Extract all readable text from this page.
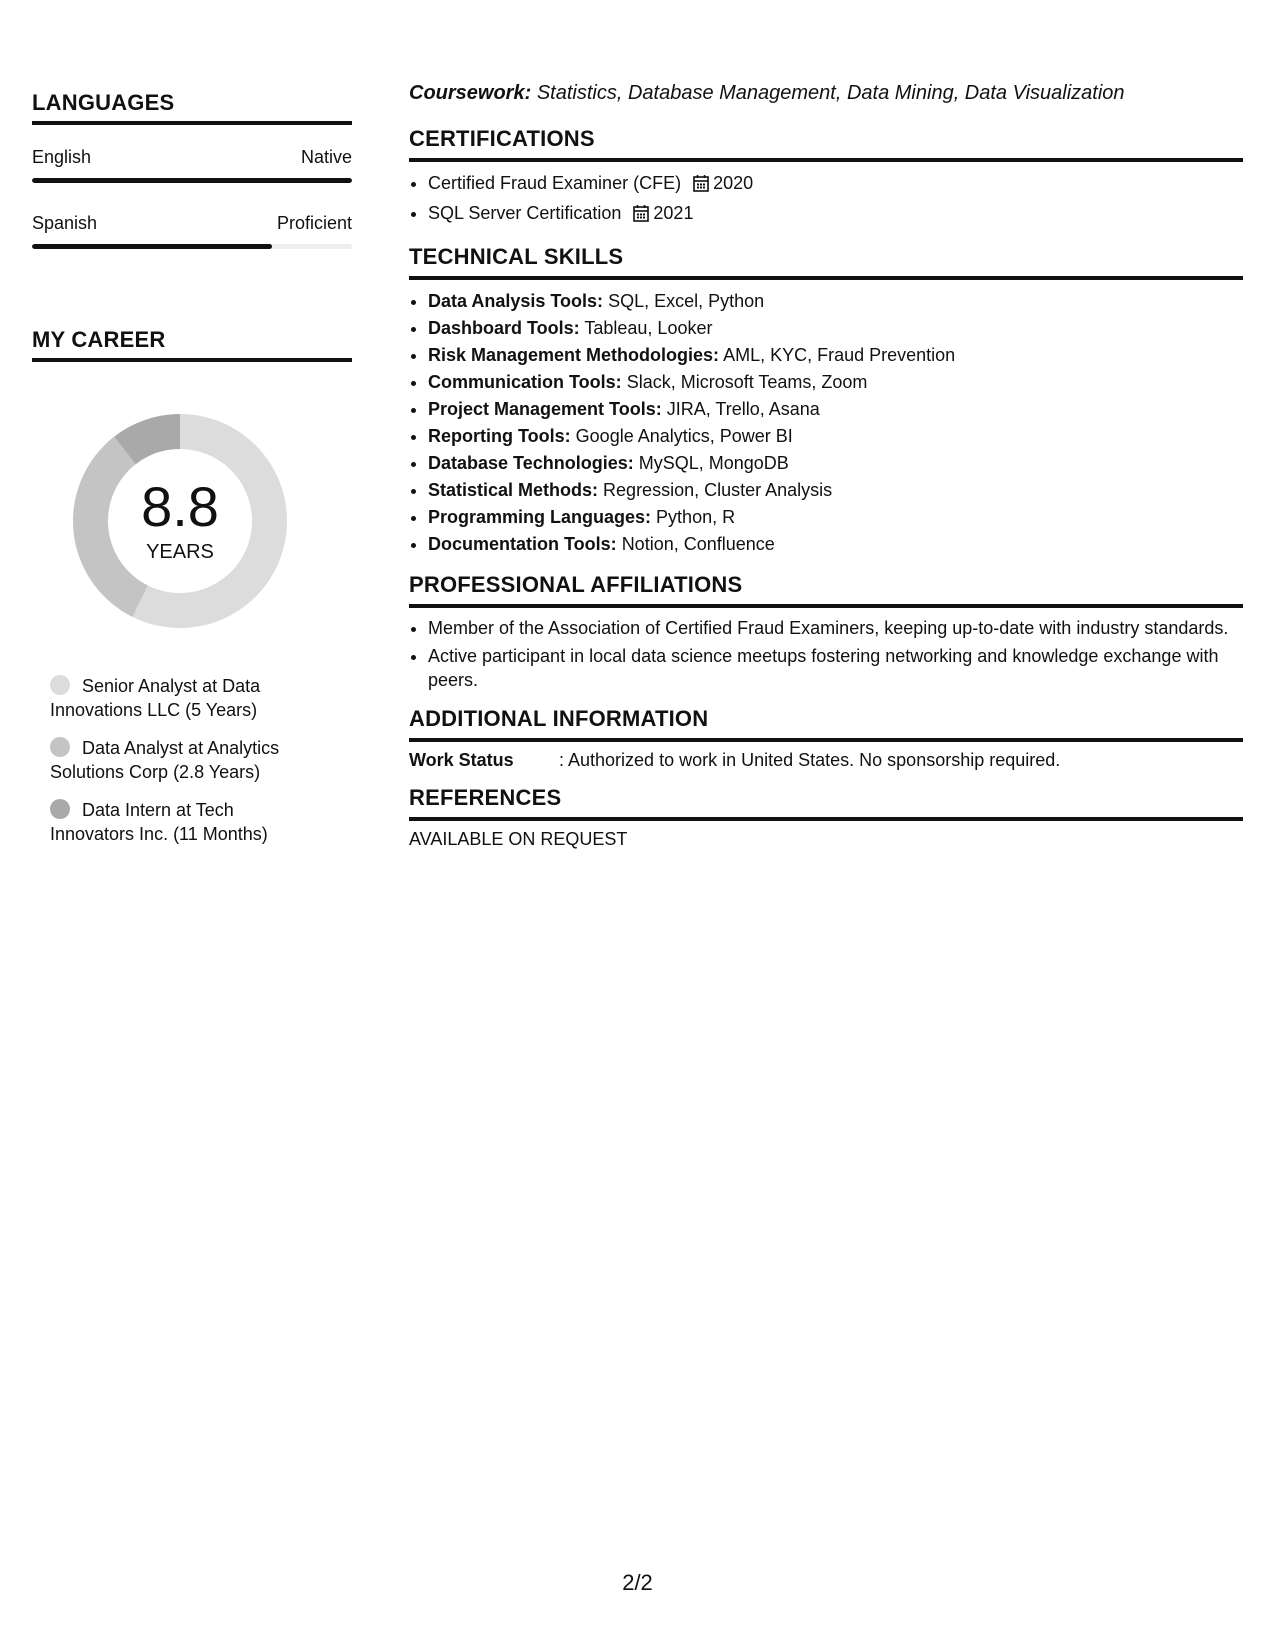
LANGUAGES
English	Native
Spanish	Proficient
MY CAREER
8.8
YEARS
Senior Analyst at Data Innovations LLC (5 Years)
Data Analyst at Analytics Solutions Corp (2.8 Years)
Data Intern at Tech Innovators Inc. (11 Months)

Coursework: Statistics, Database Management, Data Mining, Data Visualization

CERTIFICATIONS
• Certified Fraud Examiner (CFE) 2020
• SQL Server Certification 2021
TECHNICAL SKILLS
• Data Analysis Tools: SQL, Excel, Python
• Dashboard Tools: Tableau, Looker
• Risk Management Methodologies: AML, KYC, Fraud Prevention
• Communication Tools: Slack, Microsoft Teams, Zoom
• Project Management Tools: JIRA, Trello, Asana
• Reporting Tools: Google Analytics, Power BI
• Database Technologies: MySQL, MongoDB
• Statistical Methods: Regression, Cluster Analysis
• Programming Languages: Python, R
• Documentation Tools: Notion, Confluence
PROFESSIONAL AFFILIATIONS
• Member of the Association of Certified Fraud Examiners, keeping up-to-date with industry standards.
• Active participant in local data science meetups fostering networking and knowledge exchange with peers.
ADDITIONAL INFORMATION
Work Status	: Authorized to work in United States. No sponsorship required.
REFERENCES
AVAILABLE ON REQUEST
2/2
